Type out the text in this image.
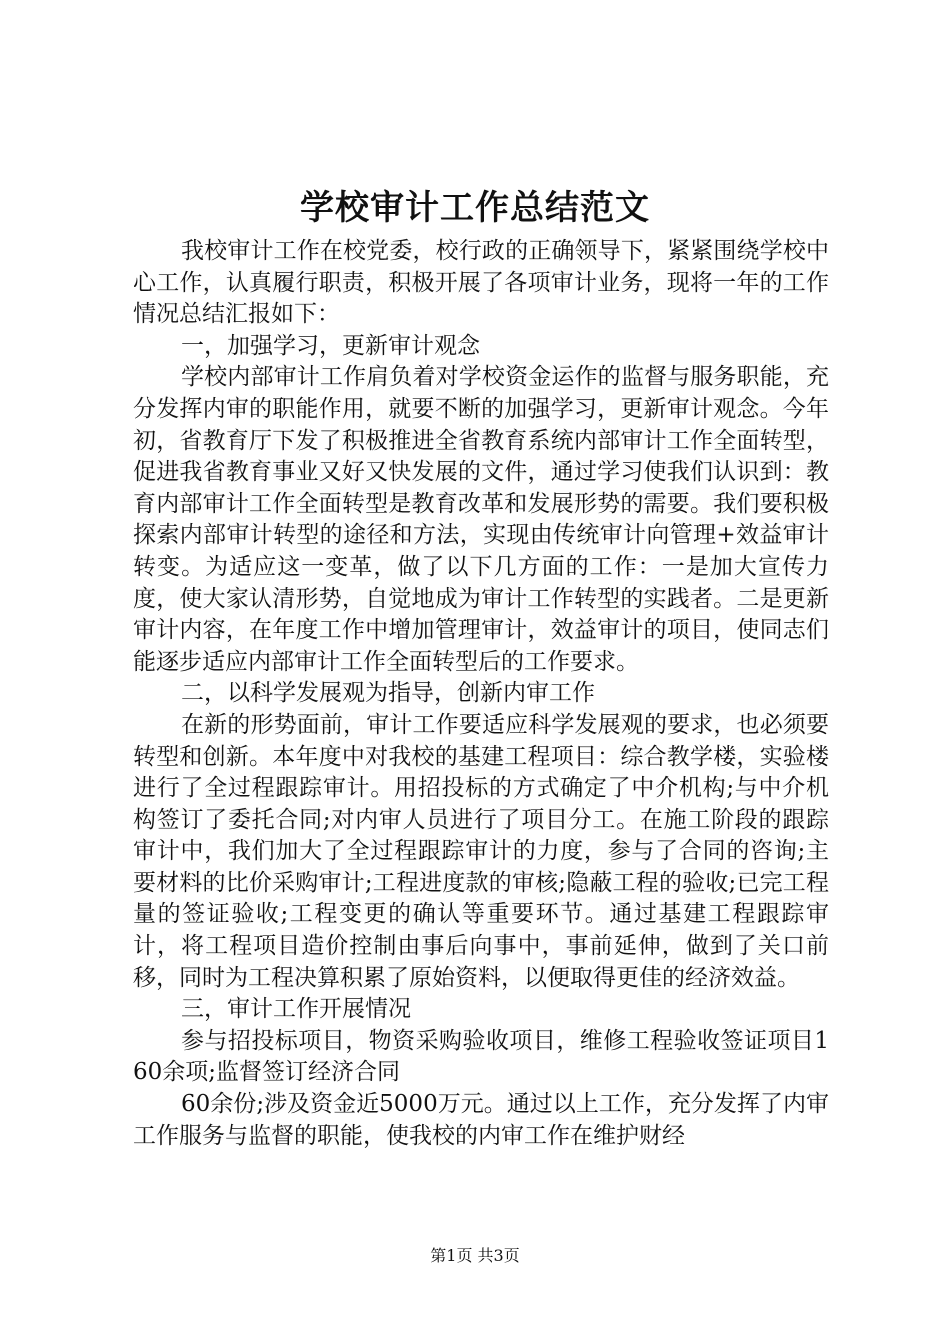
学校审计工作总结范文

我校审计工作在校党委，校行政的正确领导下，紧紧围绕学校中心工作，认真履行职责，积极开展了各项审计业务，现将一年的工作情况总结汇报如下：

一，加强学习，更新审计观念

学校内部审计工作肩负着对学校资金运作的监督与服务职能，充分发挥内审的职能作用，就要不断的加强学习，更新审计观念。今年初，省教育厅下发了积极推进全省教育系统内部审计工作全面转型，促进我省教育事业又好又快发展的文件，通过学习使我们认识到：教育内部审计工作全面转型是教育改革和发展形势的需要。我们要积极探索内部审计转型的途径和方法，实现由传统审计向管理+效益审计转变。为适应这一变革，做了以下几方面的工作：一是加大宣传力度，使大家认清形势，自觉地成为审计工作转型的实践者。二是更新审计内容，在年度工作中增加管理审计，效益审计的项目，使同志们能逐步适应内部审计工作全面转型后的工作要求。

二，以科学发展观为指导，创新内审工作

在新的形势面前，审计工作要适应科学发展观的要求，也必须要转型和创新。本年度中对我校的基建工程项目：综合教学楼，实验楼进行了全过程跟踪审计。用招投标的方式确定了中介机构;与中介机构签订了委托合同;对内审人员进行了项目分工。在施工阶段的跟踪审计中，我们加大了全过程跟踪审计的力度，参与了合同的咨询;主要材料的比价采购审计;工程进度款的审核;隐蔽工程的验收;已完工程量的签证验收;工程变更的确认等重要环节。通过基建工程跟踪审计，将工程项目造价控制由事后向事中，事前延伸，做到了关口前移，同时为工程决算积累了原始资料，以便取得更佳的经济效益。

三，审计工作开展情况

参与招投标项目，物资采购验收项目，维修工程验收签证项目160余项;监督签订经济合同

60余份;涉及资金近5000万元。通过以上工作，充分发挥了内审工作服务与监督的职能，使我校的内审工作在维护财经

第1页 共3页
